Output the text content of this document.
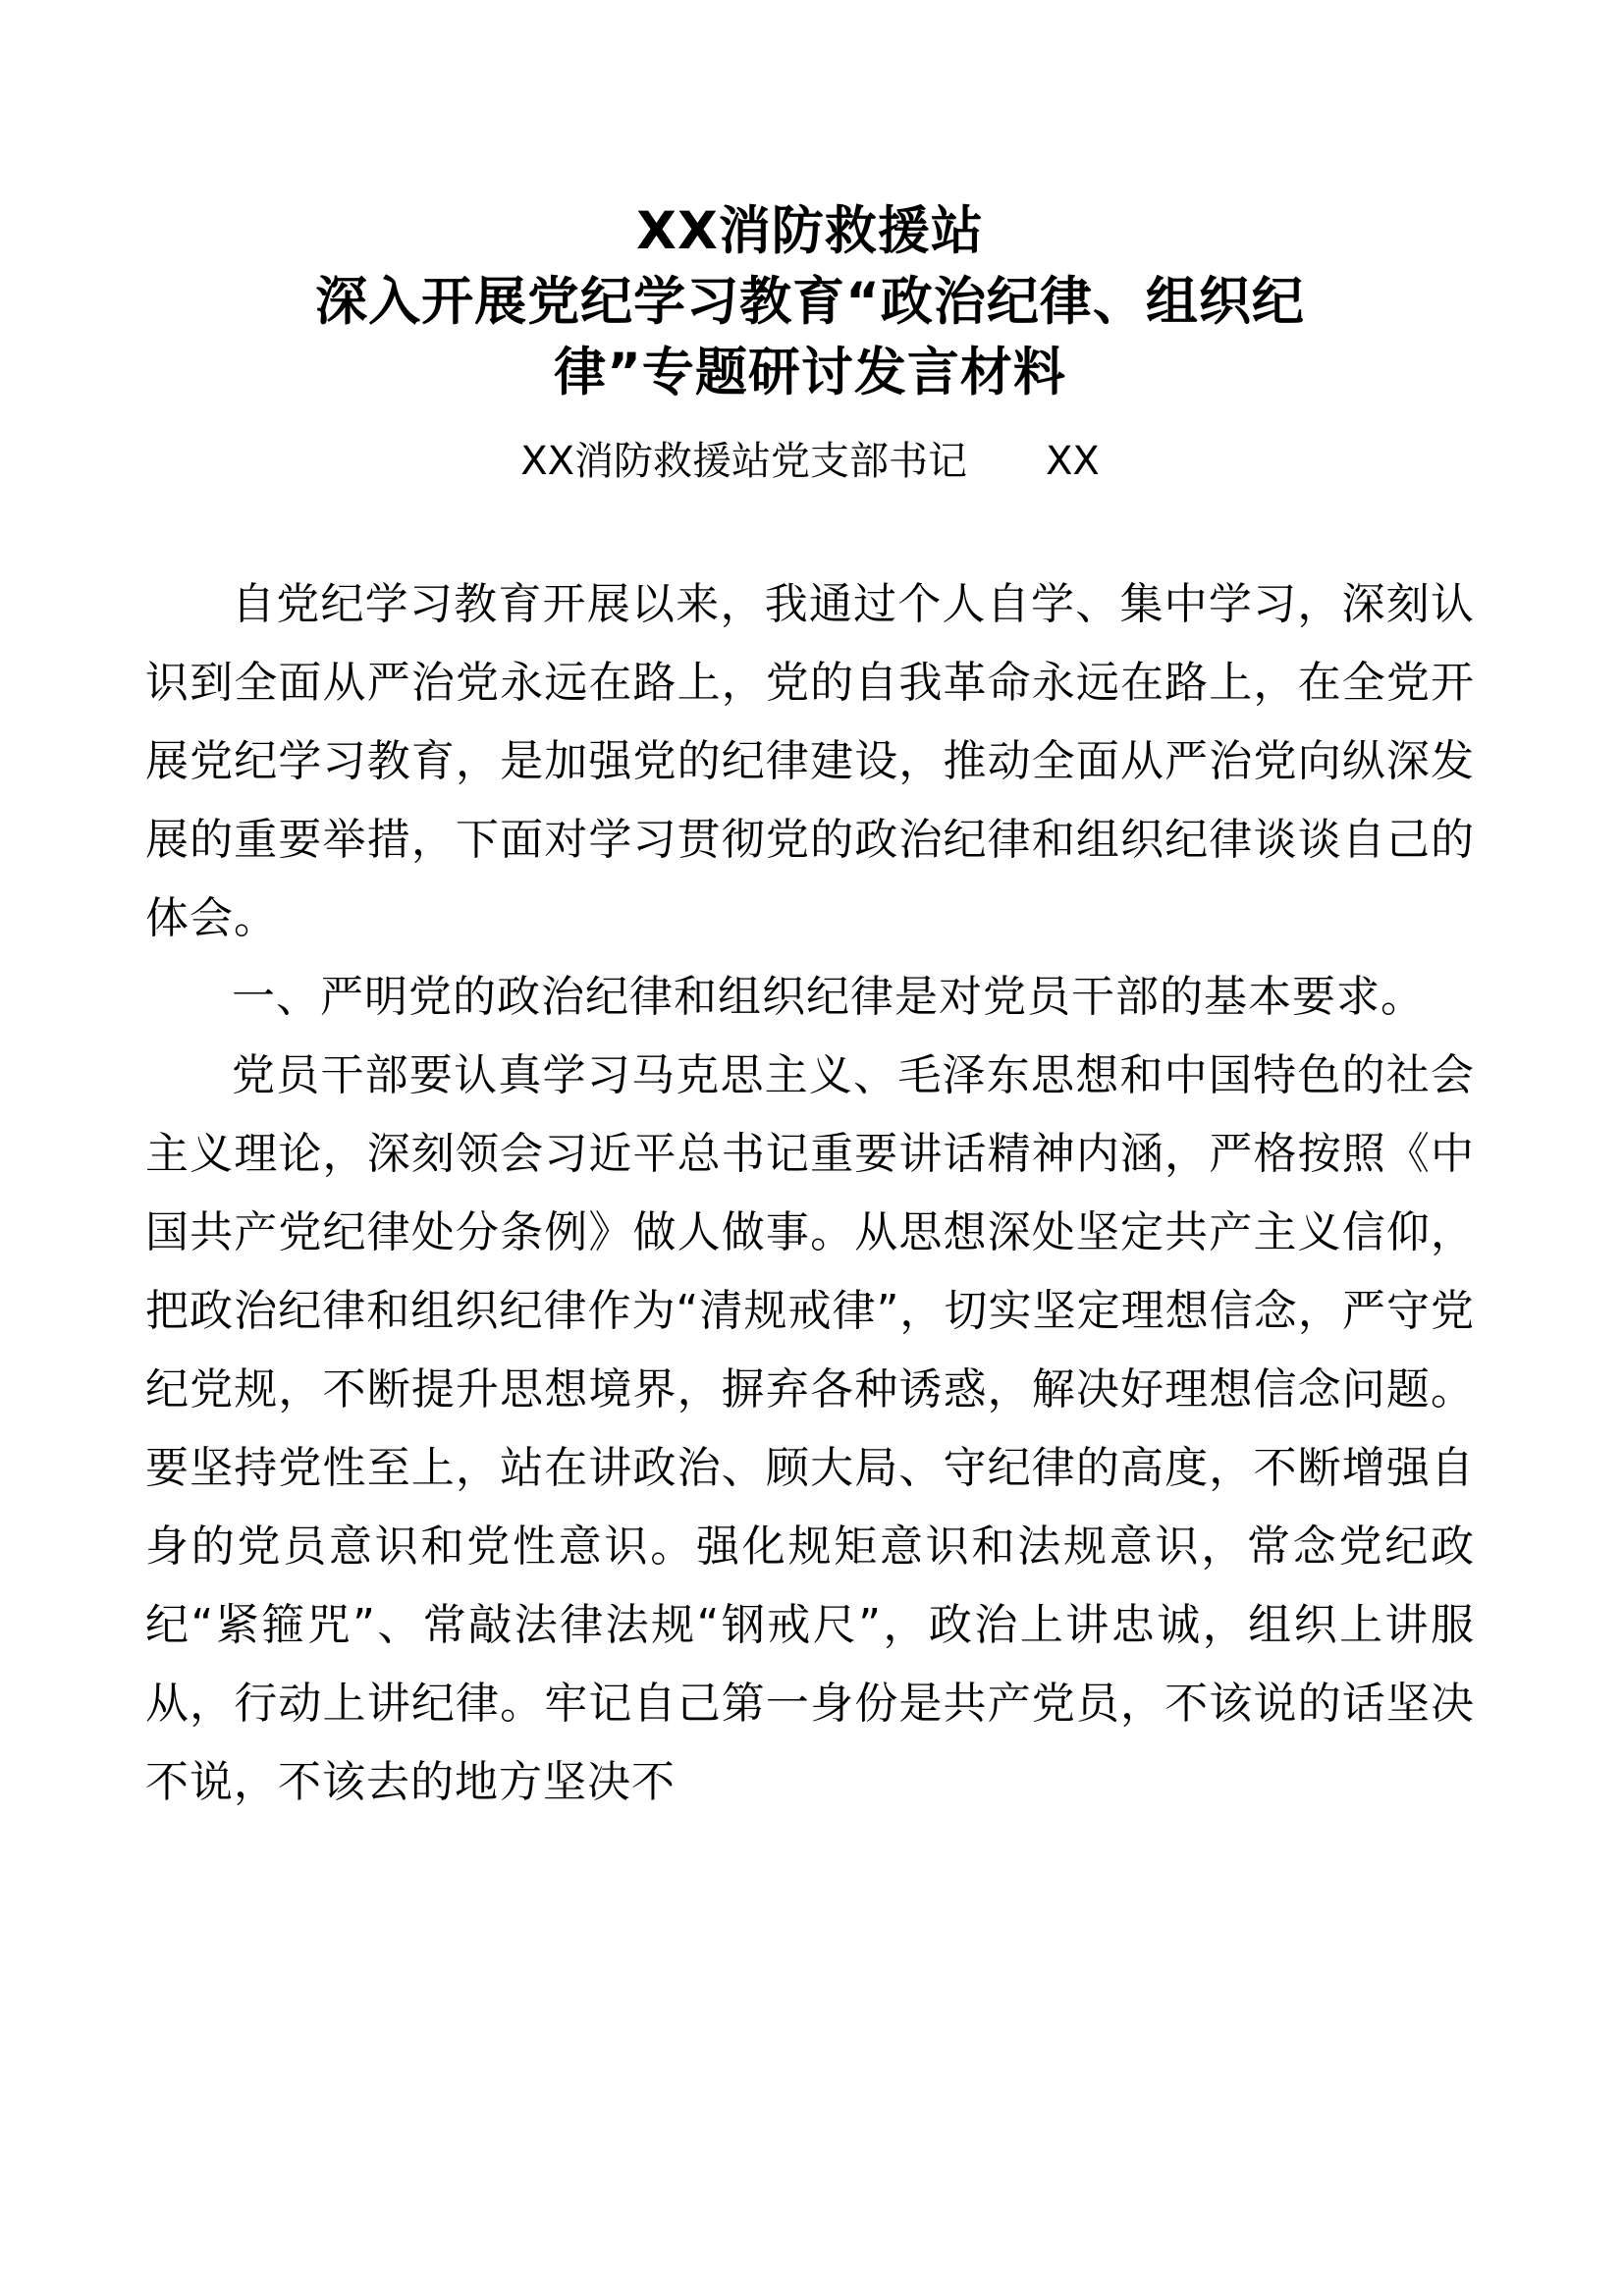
XX消防救援站
深入开展党纪学习教育“政治纪律、组织纪
律”专题研讨发言材料
XX消防救援站党支部书记　　XX

自党纪学习教育开展以来，我通过个人自学、集中学习，深刻认识到全面从严治党永远在路上，党的自我革命永远在路上，在全党开展党纪学习教育，是加强党的纪律建设，推动全面从严治党向纵深发展的重要举措，下面对学习贯彻党的政治纪律和组织纪律谈谈自己的体会。

一、严明党的政治纪律和组织纪律是对党员干部的基本要求。

党员干部要认真学习马克思主义、毛泽东思想和中国特色的社会主义理论，深刻领会习近平总书记重要讲话精神内涵，严格按照《中国共产党纪律处分条例》做人做事。从思想深处坚定共产主义信仰，把政治纪律和组织纪律作为“清规戒律”，切实坚定理想信念，严守党纪党规，不断提升思想境界，摒弃各种诱惑，解决好理想信念问题。要坚持党性至上，站在讲政治、顾大局、守纪律的高度，不断增强自身的党员意识和党性意识。强化规矩意识和法规意识，常念党纪政纪“紧箍咒”、常敲法律法规“钢戒尺”，政治上讲忠诚，组织上讲服从，行动上讲纪律。牢记自己第一身份是共产党员，不该说的话坚决不说，不该去的地方坚决不
